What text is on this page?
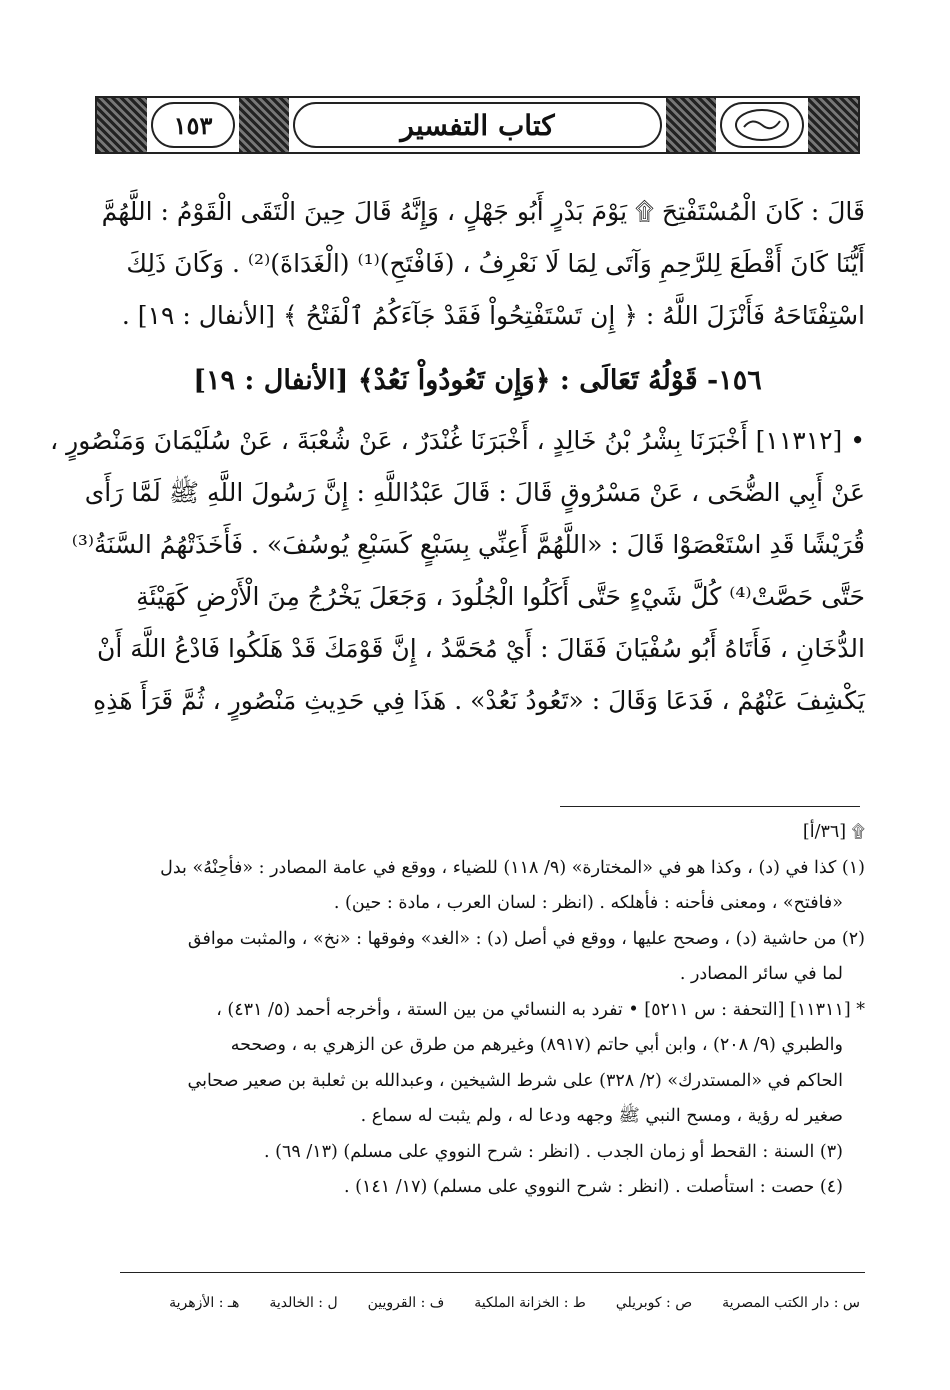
١٥٣	كتاب التفسير
قَالَ : كَانَ الْمُسْتَفْتِحَ ۩ يَوْمَ بَدْرٍ أَبُو جَهْلٍ ، وَإِنَّهُ قَالَ حِينَ الْتَقَى الْقَوْمُ : اللَّهُمَّ
أَيُّنَا كَانَ أَقْطَعَ لِلرَّحِمِ وَآتَى لِمَا لَا نَعْرِفُ ، (فَافْتَحِ)⁽¹⁾ (الْغَدَاةَ)⁽²⁾ . وَكَانَ ذَلِكَ
اسْتِفْتَاحَهُ فَأَنْزَلَ اللَّهُ : ﴿ إِن تَسْتَفْتِحُواْ فَقَدْ جَآءَكُمُ ٱلْفَتْحُ ﴾ [الأنفال : ١٩] .
١٥٦- قَوْلُهُ تَعَالَى : ﴿وَإِن تَعُودُواْ نَعُدْ﴾ [الأنفال : ١٩]
• [١١٣١٢] أَخْبَرَنَا بِشْرُ بْنُ خَالِدٍ ، أَخْبَرَنَا غُنْدَرٌ ، عَنْ شُعْبَةَ ، عَنْ سُلَيْمَانَ وَمَنْصُورٍ ،
عَنْ أَبِي الضُّحَى ، عَنْ مَسْرُوقٍ قَالَ : قَالَ عَبْدُاللَّهِ : إِنَّ رَسُولَ اللَّهِ ﷺ لَمَّا رَأَى
قُرَيْشًا قَدِ اسْتَعْصَوْا قَالَ : «اللَّهُمَّ أَعِنِّي بِسَبْعٍ كَسَبْعِ يُوسُفَ» . فَأَخَذَتْهُمُ السَّنَةُ⁽³⁾
حَتَّى حَصَّتْ⁽⁴⁾ كُلَّ شَيْءٍ حَتَّى أَكَلُوا الْجُلُودَ ، وَجَعَلَ يَخْرُجُ مِنَ الْأَرْضِ كَهَيْئَةِ
الدُّخَانِ ، فَأَتَاهُ أَبُو سُفْيَانَ فَقَالَ : أَيْ مُحَمَّدُ ، إِنَّ قَوْمَكَ قَدْ هَلَكُوا فَادْعُ اللَّهَ أَنْ
يَكْشِفَ عَنْهُمْ ، فَدَعَا وَقَالَ : «تَعُودُ نَعُدْ» . هَذَا فِي حَدِيثِ مَنْصُورٍ ، ثُمَّ قَرَأَ هَذِهِ
۩ [٣٦/أ]
(١) كذا في (د) ، وكذا هو في «المختارة» (٩/ ١١٨) للضياء ، ووقع في عامة المصادر : «فأحِنْهُ» بدل
«فافتح» ، ومعنى فأحنه : فأهلكه . (انظر : لسان العرب ، مادة : حين) .
(٢) من حاشية (د) ، وصحح عليها ، ووقع في أصل (د) : «الغد» وفوقها : «نخ» ، والمثبت موافق
لما في سائر المصادر .
* [١١٣١١] [التحفة : س ٥٢١١] • تفرد به النسائي من بين الستة ، وأخرجه أحمد (٥/ ٤٣١) ،
والطبري (٩/ ٢٠٨) ، وابن أبي حاتم (٨٩١٧) وغيرهم من طرق عن الزهري به ، وصححه
الحاكم في «المستدرك» (٢/ ٣٢٨) على شرط الشيخين ، وعبدالله بن ثعلبة بن صعير صحابي
صغير له رؤية ، ومسح النبي ﷺ وجهه ودعا له ، ولم يثبت له سماع .
(٣) السنة : القحط أو زمان الجدب . (انظر : شرح النووي على مسلم) (١٣/ ٦٩) .
(٤) حصت : استأصلت . (انظر : شرح النووي على مسلم) (١٧/ ١٤١) .
س : دار الكتب المصرية
ص : كوبريلي
ط : الخزانة الملكية
ف : القرويين
ل : الخالدية
هـ : الأزهرية
